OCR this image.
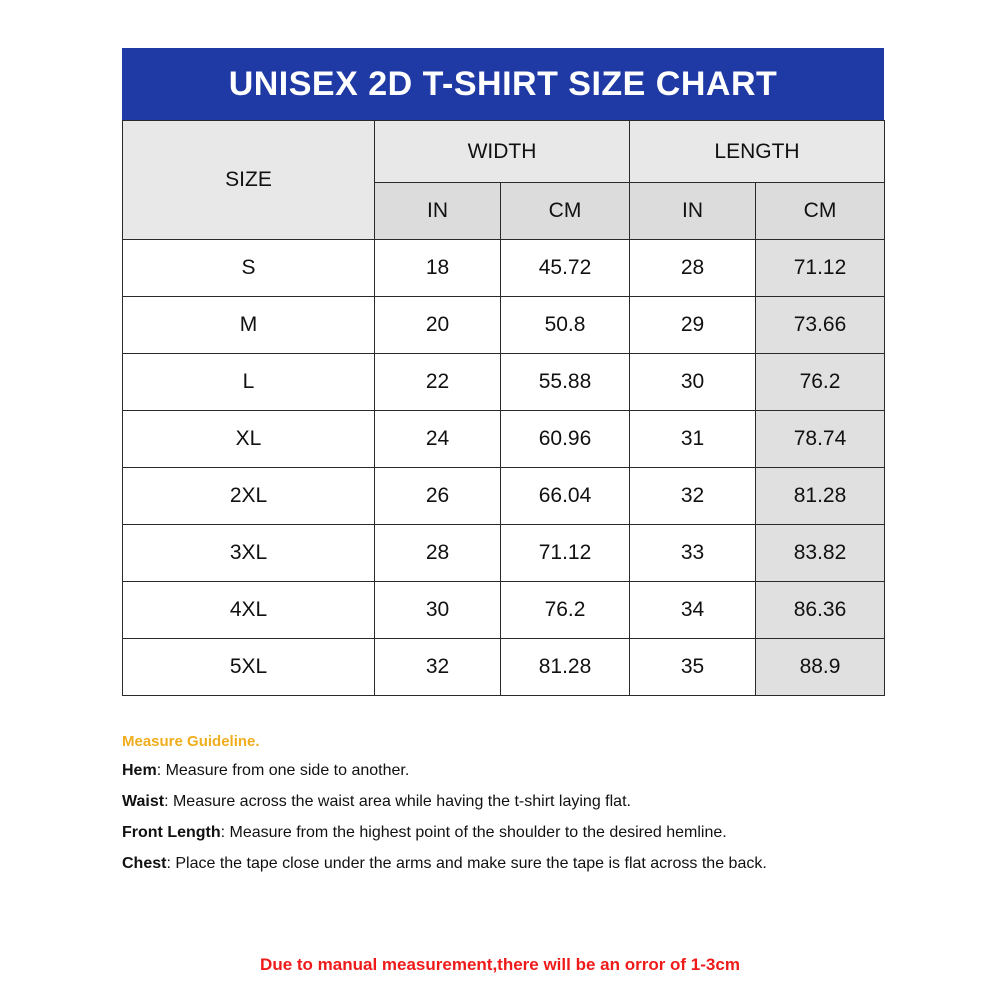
UNISEX 2D T-SHIRT SIZE CHART
SIZE	WIDTH		LENGTH	
	IN	CM	IN	CM
S	18	45.72	28	71.12
M	20	50.8	29	73.66
L	22	55.88	30	76.2
XL	24	60.96	31	78.74
2XL	26	66.04	32	81.28
3XL	28	71.12	33	83.82
4XL	30	76.2	34	86.36
5XL	32	81.28	35	88.9
Measure Guideline.
Hem: Measure from one side to another.
Waist: Measure across the waist area while having the t-shirt laying flat.
Front Length: Measure from the highest point of the shoulder to the desired hemline.
Chest: Place the tape close under the arms and make sure the tape is flat across the back.
Due to manual measurement,there will be an orror of 1-3cm
